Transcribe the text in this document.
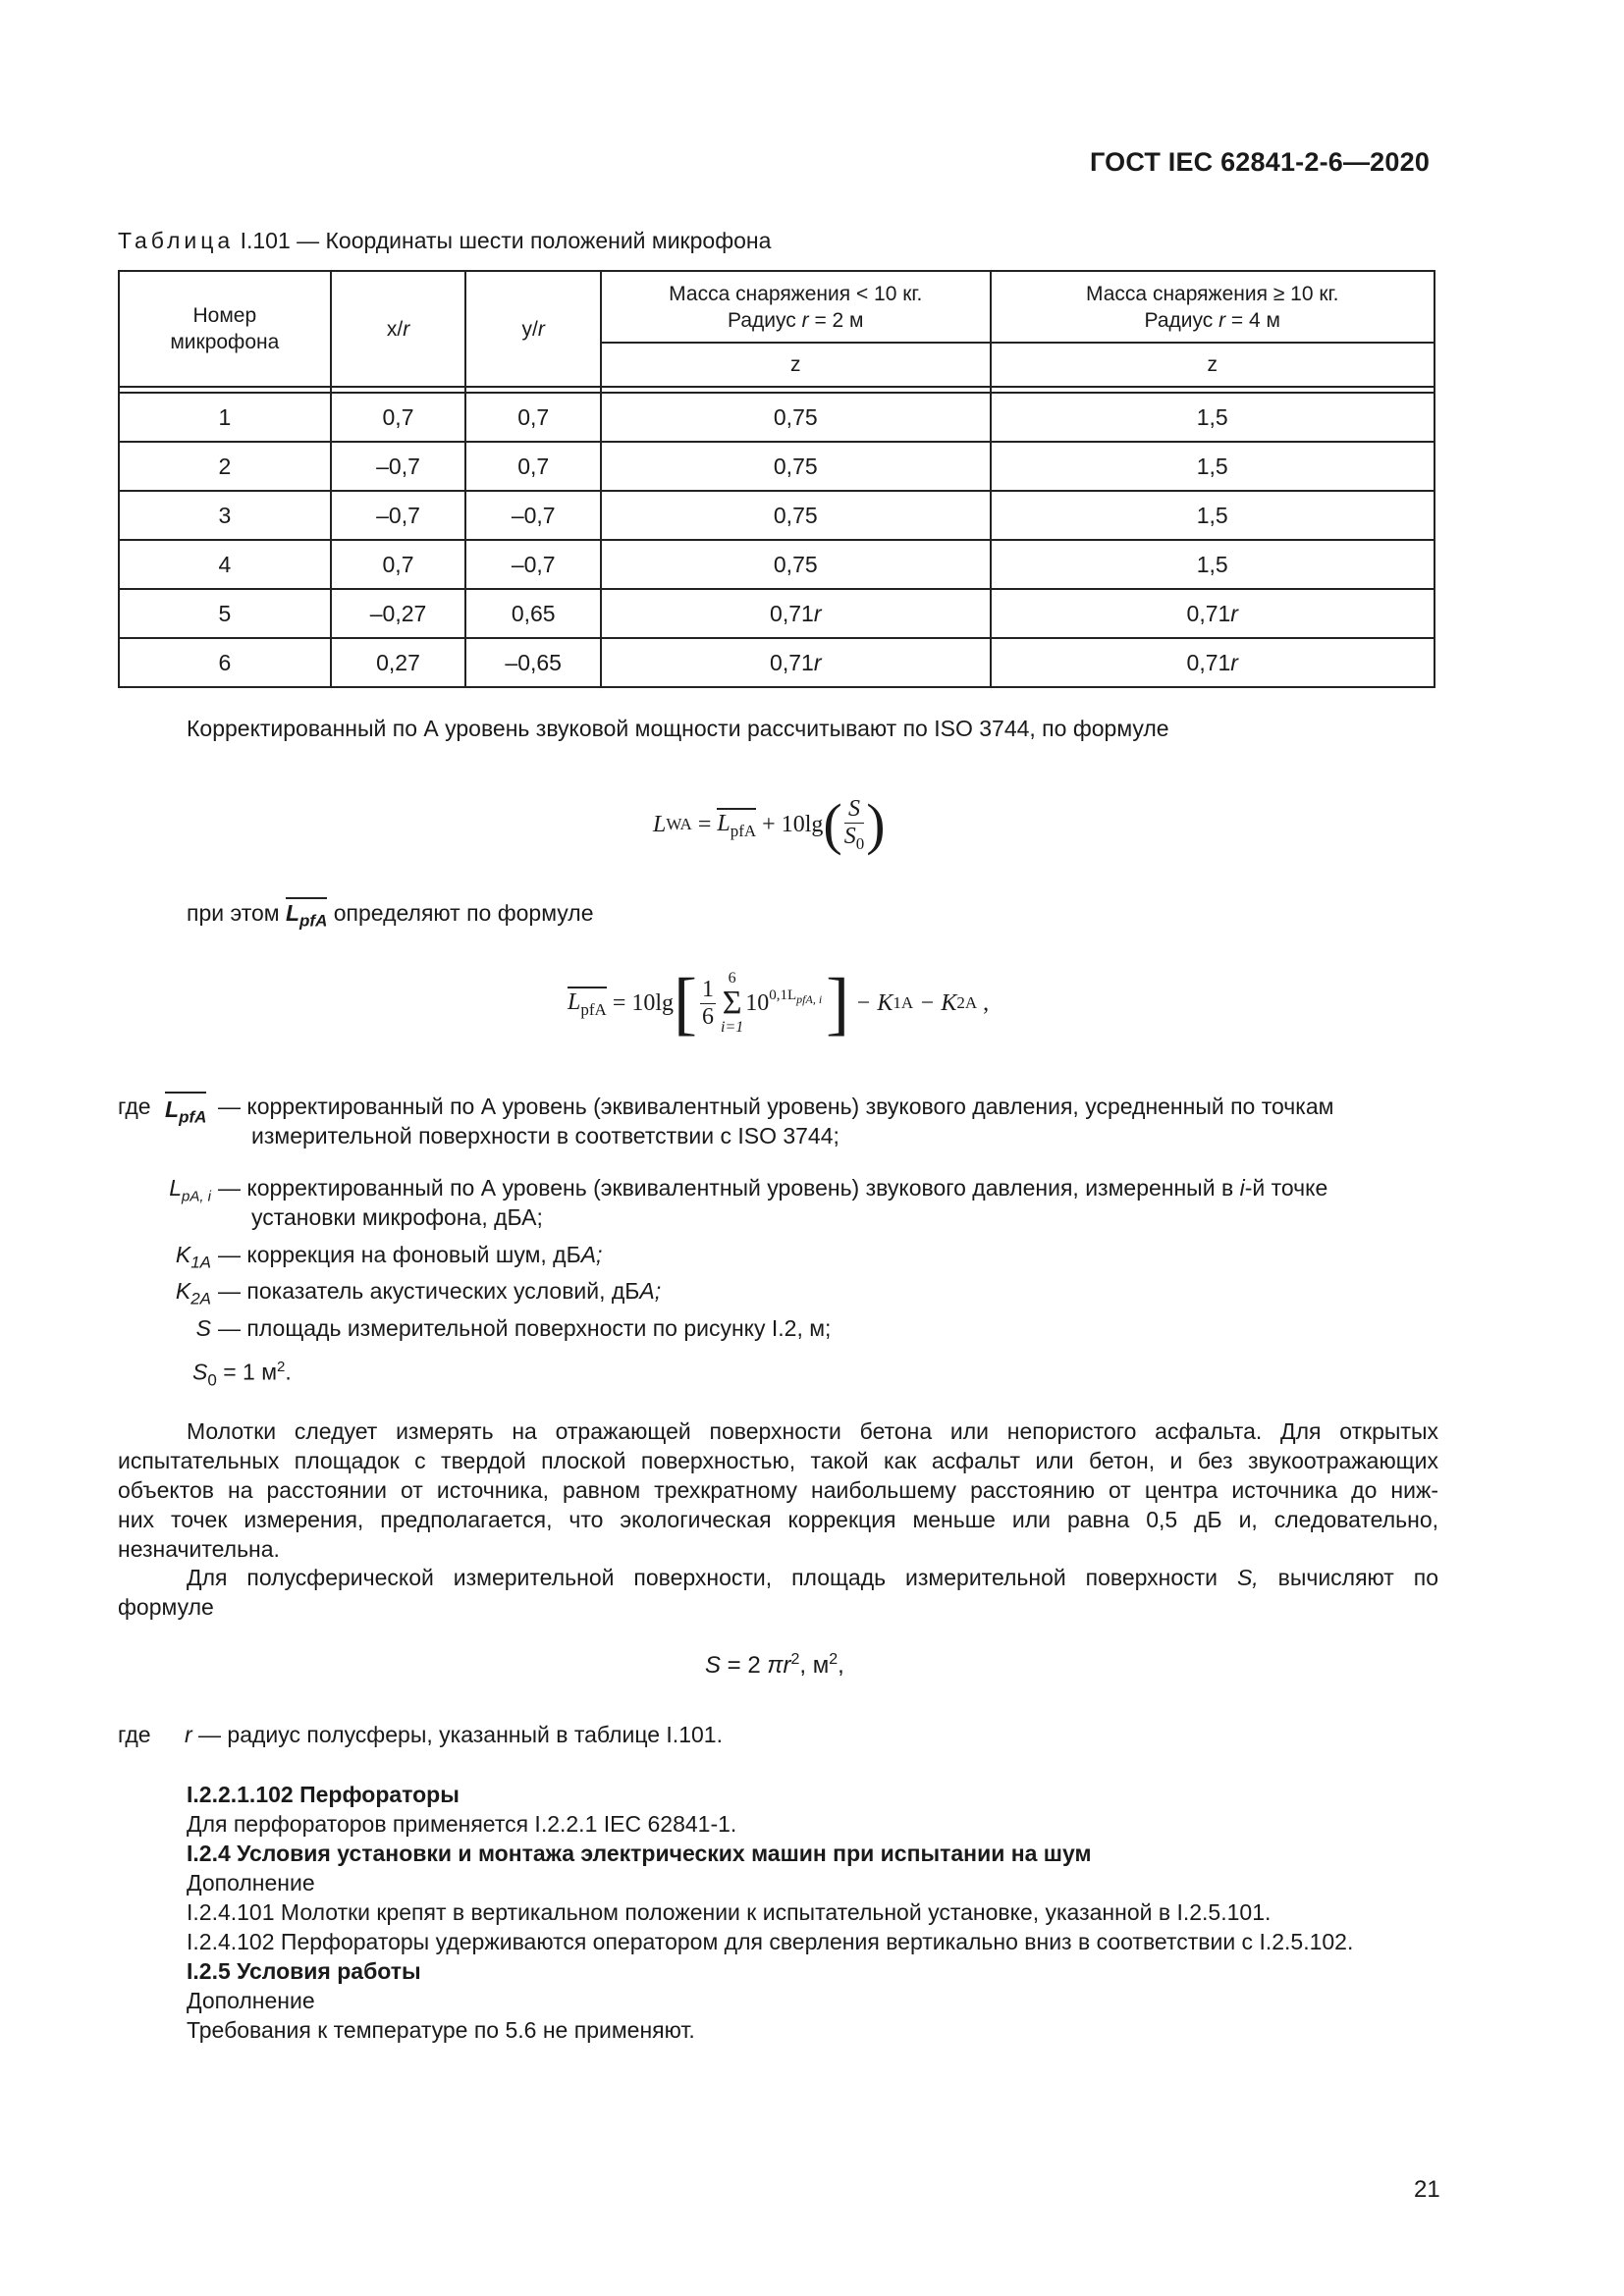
ГОСТ IEC 62841-2-6—2020
Таблица I.101 — Координаты шести положений микрофона
Номер микрофона	x/r	y/r	Масса снаряжения < 10 кг. Радиус r = 2 м	Масса снаряжения ≥ 10 кг. Радиус r = 4 м
			z	z

1	0,7	0,7	0,75	1,5
2	–0,7	0,7	0,75	1,5
3	–0,7	–0,7	0,75	1,5
4	0,7	–0,7	0,75	1,5
5	–0,27	0,65	0,71r	0,71r
6	0,27	–0,65	0,71r	0,71r
Корректированный по А уровень звуковой мощности рассчитывают по ISO 3744, по формуле
L WA = $L_{pfA} + 10\lg$ ( S
$S_0$ )
при этом $L_{pfA}$ определяют по формуле
$L_{pfA} = 10\lg$ [ 1
6
6
Σ
i=1
10 $^{0,1L_{pfA, i}}$ ] − K 1A − K 2A ,
где $L_{pfA}$ — корректированный по А уровень (эквивалентный уровень) звукового давления, усредненный по точкам
измерительной поверхности в соответствии с ISO 3744;
$L_{pA, i}$ — корректированный по А уровень (эквивалентный уровень) звукового давления, измеренный в i-й точке
установки микрофона, дБА;
$K_{1A}$ — коррекция на фоновый шум, дБA;
$K_{2A}$ — показатель акустических условий, дБA;
S — площадь измерительной поверхности по рисунку I.2, м;
$S_0 = 1$ $м^2$.
Молотки следует измерять на отражающей поверхности бетона или непористого асфальта. Для открытых
испытательных площадок с твердой плоской поверхностью, такой как асфальт или бетон, и без звукоотражающих
объектов на расстоянии от источника, равном трехкратному наибольшему расстоянию от центра источника до ниж-
них точек измерения, предполагается, что экологическая коррекция меньше или равна 0,5 дБ и, следовательно,
незначительна.
Для полусферической измерительной поверхности, площадь измерительной поверхности S, вычисляют по
формуле
S = 2 $\pi r^2$, $м^2$,
где r — радиус полусферы, указанный в таблице I.101.

I.2.2.1.102 Перфораторы

Для перфораторов применяется I.2.2.1 IEC 62841-1.

I.2.4 Условия установки и монтажа электрических машин при испытании на шум

Дополнение

I.2.4.101 Молотки крепят в вертикальном положении к испытательной установке, указанной в I.2.5.101.

I.2.4.102 Перфораторы удерживаются оператором для сверления вертикально вниз в соответствии с I.2.5.102.

I.2.5 Условия работы

Дополнение

Требования к температуре по 5.6 не применяют.

21
